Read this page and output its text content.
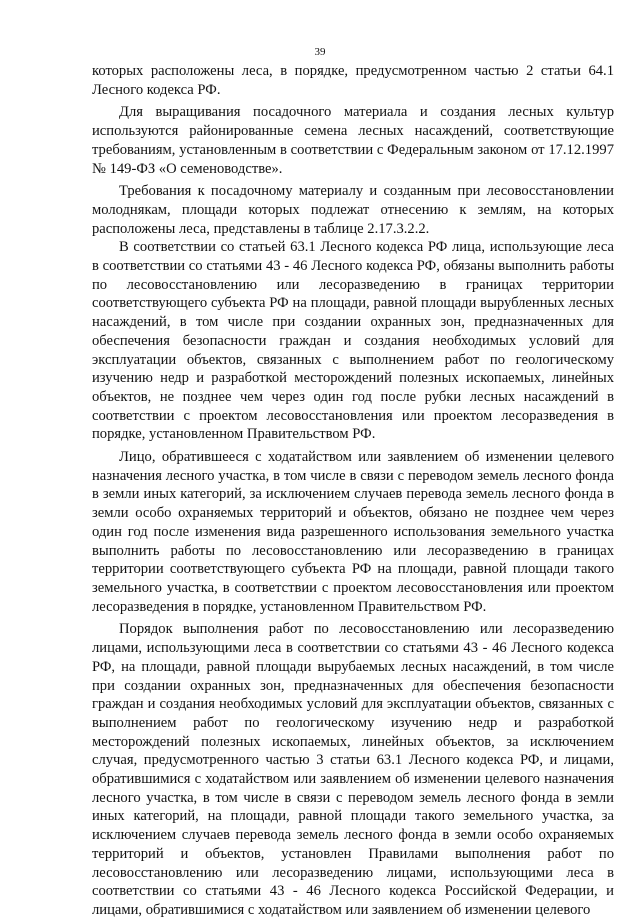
39

которых расположены леса, в порядке, предусмотренном частью 2 статьи 64.1 Лесного кодекса РФ.

Для выращивания посадочного материала и создания лесных культур используются районированные семена лесных насаждений, соответствующие требованиям, установленным в соответствии с Федеральным законом от 17.12.1997 № 149-ФЗ «О семеноводстве».

Требования к посадочному материалу и созданным при лесовосстановлении молоднякам, площади которых подлежат отнесению к землям, на которых расположены леса, представлены в таблице 2.17.3.2.2.

В соответствии со статьей 63.1 Лесного кодекса РФ лица, использующие леса в соответствии со статьями 43 - 46 Лесного кодекса РФ, обязаны выполнить работы по лесовосстановлению или лесоразведению в границах территории соответствующего субъекта РФ на площади, равной площади вырубленных лесных насаждений, в том числе при создании охранных зон, предназначенных для обеспечения безопасности граждан и создания необходимых условий для эксплуатации объектов, связанных с выполнением работ по геологическому изучению недр и разработкой месторождений полезных ископаемых, линейных объектов, не позднее чем через один год после рубки лесных насаждений в соответствии с проектом лесовосстановления или проектом лесоразведения в порядке, установленном Правительством РФ.

Лицо, обратившееся с ходатайством или заявлением об изменении целевого назначения лесного участка, в том числе в связи с переводом земель лесного фонда в земли иных категорий, за исключением случаев перевода земель лесного фонда в земли особо охраняемых территорий и объектов, обязано не позднее чем через один год после изменения вида разрешенного использования земельного участка выполнить работы по лесовосстановлению или лесоразведению в границах территории соответствующего субъекта РФ на площади, равной площади такого земельного участка, в соответствии с проектом лесовосстановления или проектом лесоразведения в порядке, установленном Правительством РФ.

Порядок выполнения работ по лесовосстановлению или лесоразведению лицами, использующими леса в соответствии со статьями 43 - 46 Лесного кодекса РФ, на площади, равной площади вырубаемых лесных насаждений, в том числе при создании охранных зон, предназначенных для обеспечения безопасности граждан и создания необходимых условий для эксплуатации объектов, связанных с выполнением работ по геологическому изучению недр и разработкой месторождений полезных ископаемых, линейных объектов, за исключением случая, предусмотренного частью 3 статьи 63.1 Лесного кодекса РФ, и лицами, обратившимися с ходатайством или заявлением об изменении целевого назначения лесного участка, в том числе в связи с переводом земель лесного фонда в земли иных категорий, на площади, равной площади такого земельного участка, за исключением случаев перевода земель лесного фонда в земли особо охраняемых территорий и объектов, установлен Правилами выполнения работ по лесовосстановлению или лесоразведению лицами, использующими леса в соответствии со статьями 43 - 46 Лесного кодекса Российской Федерации, и лицами, обратившимися с ходатайством или заявлением об изменении целевого
